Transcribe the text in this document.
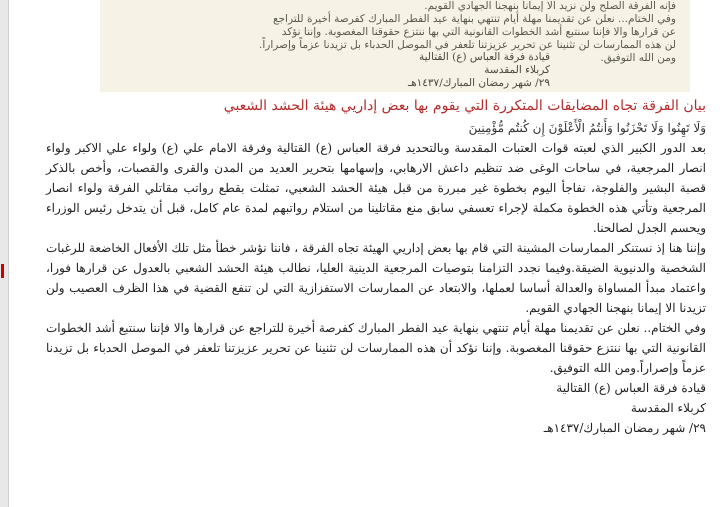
فإنه الفرقة الصلح ولن نزيد الا إيماناً بنهجنا الجهادي القويم.
وفي الختام... نعلن عن تقديمنا مهلة أيام تنتهي بنهاية عيد الفطر المبارك كفرصة أخيرة للتراجع
عن قرارها والا فإننا سنتبع أشد الخطوات القانونية التي بها ننتزع حقوقنا المغصوبة. وإننا نؤكد
لن هذه الممارسات لن تثنينا عن تحرير عزيزتنا تلعفر في الموصل الحدباء بل تزيدنا عزماً وإصراراً.
ومن الله التوفيق.
قيادة فرقة العباس (ع) القتالية
كربلاء المقدسة
٢٩/ شهر رمضان المبارك/١٤٣٧هـ
بيان الفرقة تجاه المضايقات المتكررة التي يقوم بها بعض إداريي هيئة الحشد الشعبي

وَلَا تَهِنُوا وَلَا تَحْزَنُوا وَأَنتُمُ الْأَعْلَوْنَ إِن كُنتُم مُّؤْمِنِينَ

بعد الدور الكبير الذي لعبته قوات العتبات المقدسة وبالتحديد فرقة العباس (ع) القتالية وفرقة الامام علي (ع) ولواء علي الاكبر ولواء انصار المرجعية، في ساحات الوغى ضد تنظيم داعش الارهابي، وإسهامها بتحرير العديد من المدن والقرى والقصبات، وأخص بالذكر قصبة البشير والفلوجة، نفاجأ اليوم بخطوة غير مبررة من قبل هيئة الحشد الشعبي، تمثلت بقطع رواتب مقاتلي الفرقة ولواء انصار المرجعية وتأتي هذه الخطوة مكملة لإجراء تعسفي سابق منع مقاتلينا من استلام رواتبهم لمدة عام كامل، قبل أن يتدخل رئيس الوزراء ويحسم الجدل لصالحنا.

وإننا هنا إذ نستنكر الممارسات المشينة التي قام بها بعض إداريي الهيئة تجاه الفرقة ، فاننا نؤشر خطأ مثل تلك الأفعال الخاضعة للرغبات الشخصية والدنيوية الضيقة.وفيما نجدد التزامنا بتوصيات المرجعية الدينية العليا، نطالب هيئة الحشد الشعبي بالعدول عن قرارها فورا، واعتماد مبدأ المساواة والعدالة أساسا لعملها، والابتعاد عن الممارسات الاستفزازية التي لن تنفع القضية في هذا الظرف العصيب ولن تزيدنا الا إيمانا بنهجنا الجهادي القويم.

وفي الختام.. نعلن عن تقديمنا مهلة أيام تنتهي بنهاية عيد الفطر المبارك كفرصة أخيرة للتراجع عن قرارها والا فإننا سنتبع أشد الخطوات القانونية التي بها ننتزع حقوقنا المغصوبة. وإننا نؤكد أن هذه الممارسات لن تثنينا عن تحرير عزيزتنا تلعفر في الموصل الحدباء بل تزيدنا عزماً وإصراراً.ومن الله التوفيق.

قيادة فرقة العباس (ع) القتالية

كربلاء المقدسة

٢٩/ شهر رمضان المبارك/١٤٣٧هـ
